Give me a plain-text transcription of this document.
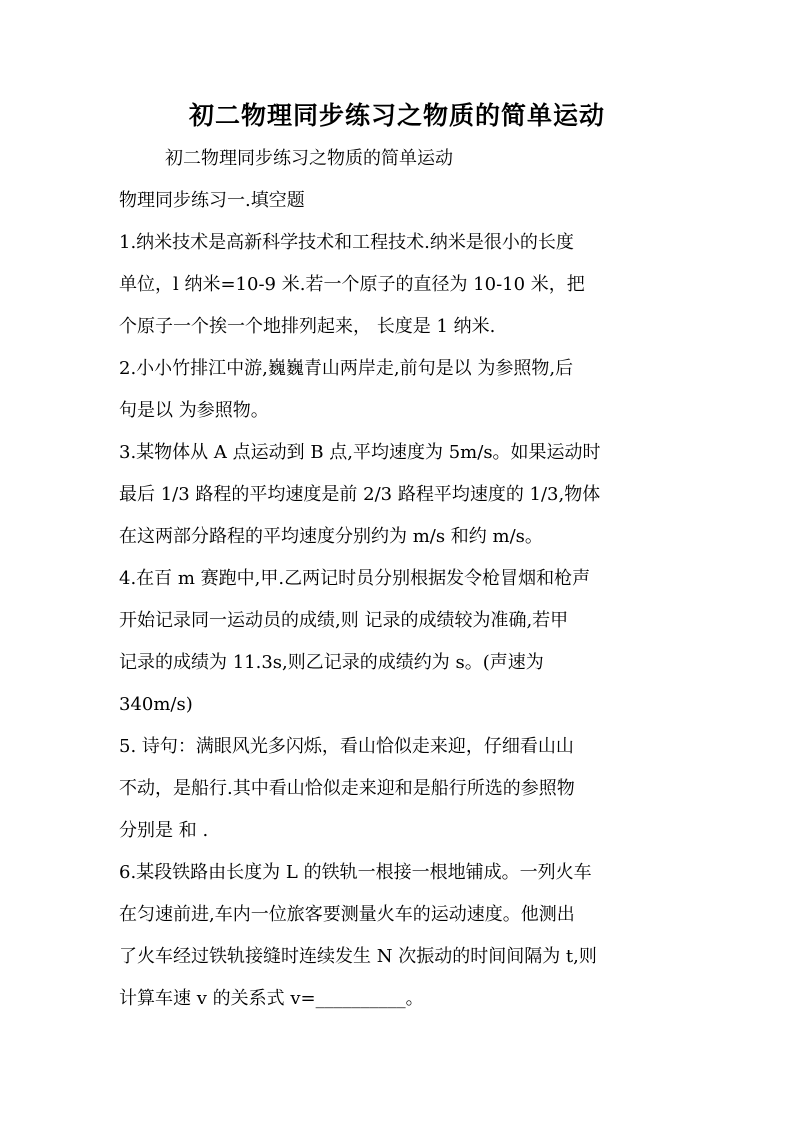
初二物理同步练习之物质的简单运动
初二物理同步练习之物质的简单运动
物理同步练习一.填空题
1.纳米技术是高新科学技术和工程技术.纳米是很小的长度
单位，l 纳米=10-9 米.若一个原子的直径为 10-10 米，把
个原子一个挨一个地排列起来， 长度是 1 纳米.
2.小小竹排江中游,巍巍青山两岸走,前句是以 为参照物,后
句是以 为参照物。
3.某物体从 A 点运动到 B 点,平均速度为 5m/s。如果运动时
最后 1/3 路程的平均速度是前 2/3 路程平均速度的 1/3,物体
在这两部分路程的平均速度分别约为 m/s 和约 m/s。
4.在百 m 赛跑中,甲.乙两记时员分别根据发令枪冒烟和枪声
开始记录同一运动员的成绩,则 记录的成绩较为准确,若甲
记录的成绩为 11.3s,则乙记录的成绩约为 s。(声速为
340m/s)
5. 诗句：满眼风光多闪烁，看山恰似走来迎，仔细看山山
不动，是船行.其中看山恰似走来迎和是船行所选的参照物
分别是 和 .
6.某段铁路由长度为 L 的铁轨一根接一根地铺成。一列火车
在匀速前进,车内一位旅客要测量火车的运动速度。他测出
了火车经过铁轨接缝时连续发生 N 次振动的时间间隔为 t,则
计算车速 v 的关系式 v=__________。
